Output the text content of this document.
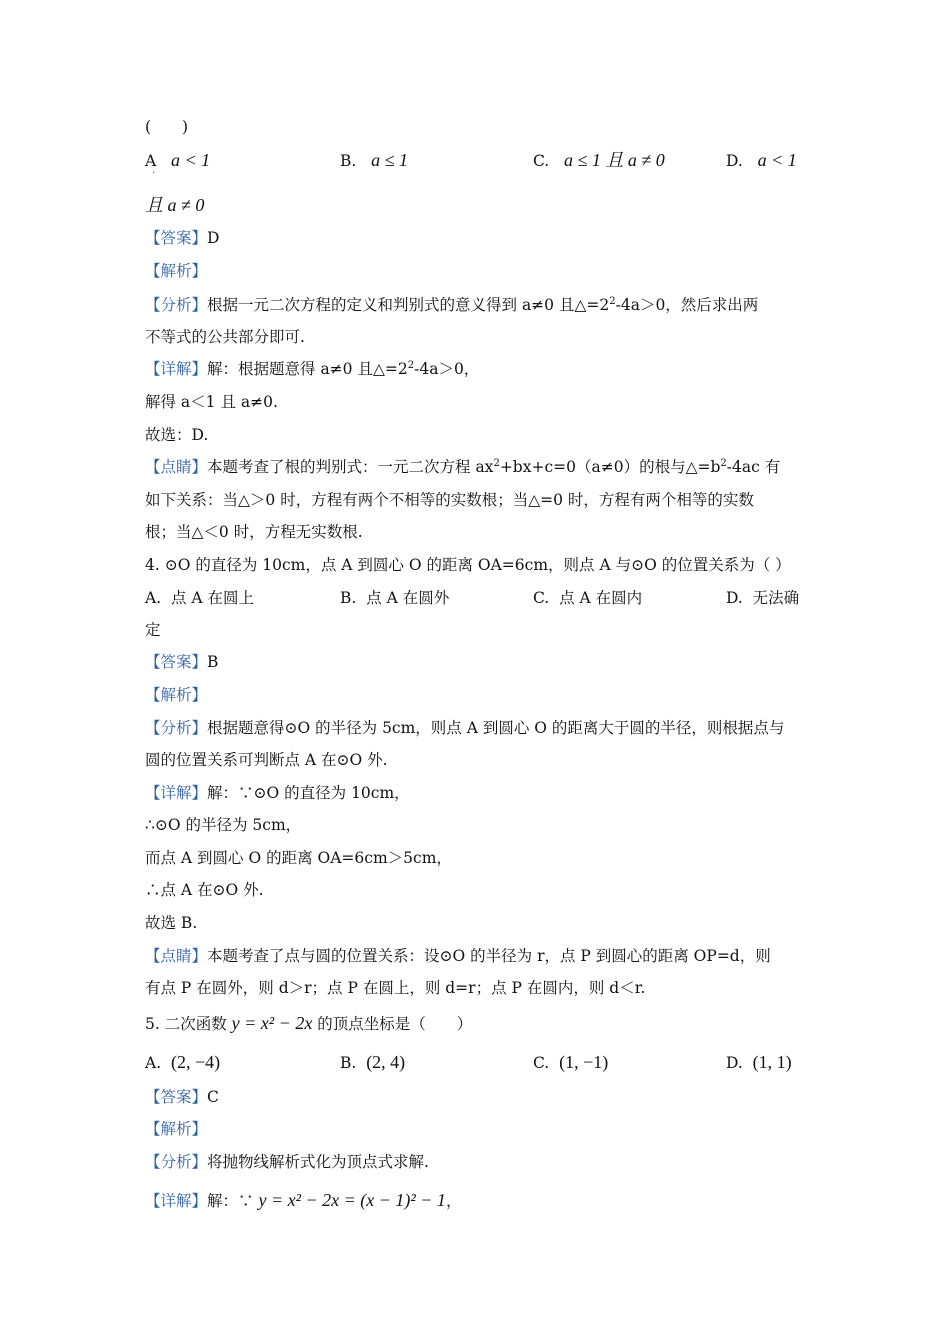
(　　)
A a < 1
·
B. a ≤ 1	C. a ≤ 1 且 a ≠ 0	D. a < 1
且 a ≠ 0
【答案】D
【解析】
【分析】根据一元二次方程的定义和判别式的意义得到 a≠0 且$\triangle=2^2-4a>0$，然后求出两
不等式的公共部分即可.
【详解】解：根据题意得 a≠0 且$\triangle=2^2-4a>0$，
解得 a＜1 且 a≠0.
故选：D.
【点睛】本题考查了根的判别式：一元二次方程 $ax^2+bx+c=0(a\ne 0)$的根与$\triangle=b^2-4ac$ 有
如下关系：当△＞0 时，方程有两个不相等的实数根；当△=0 时，方程有两个相等的实数
根；当△＜0 时，方程无实数根.
4. ⊙O 的直径为 10cm，点 A 到圆心 O 的距离 OA=6cm，则点 A 与⊙O 的位置关系为（ ）
A. 点 A 在圆上	B. 点 A 在圆外	C. 点 A 在圆内	D. 无法确
定
【答案】B
【解析】
【分析】根据题意得⊙O 的半径为 5cm，则点 A 到圆心 O 的距离大于圆的半径，则根据点与
圆的位置关系可判断点 A 在⊙O 外.
【详解】解：∵⊙O 的直径为 10cm，
∴⊙O 的半径为 5cm，
而点 A 到圆心 O 的距离 OA=6cm＞5cm，
∴点 A 在⊙O 外.
故选 B.
【点睛】本题考查了点与圆的位置关系：设⊙O 的半径为 r，点 P 到圆心的距离 OP=d，则
有点 P 在圆外，则 d＞r；点 P 在圆上，则 d=r；点 P 在圆内，则 d＜r.
5. 二次函数 y = x² − 2x 的顶点坐标是（　　）
A. (2, −4)	B. (2, 4)	C. (1, −1)	D. (1, 1)
【答案】C
【解析】
【分析】将抛物线解析式化为顶点式求解.
【详解】解：∵ y = x² − 2x = (x − 1)² − 1，
